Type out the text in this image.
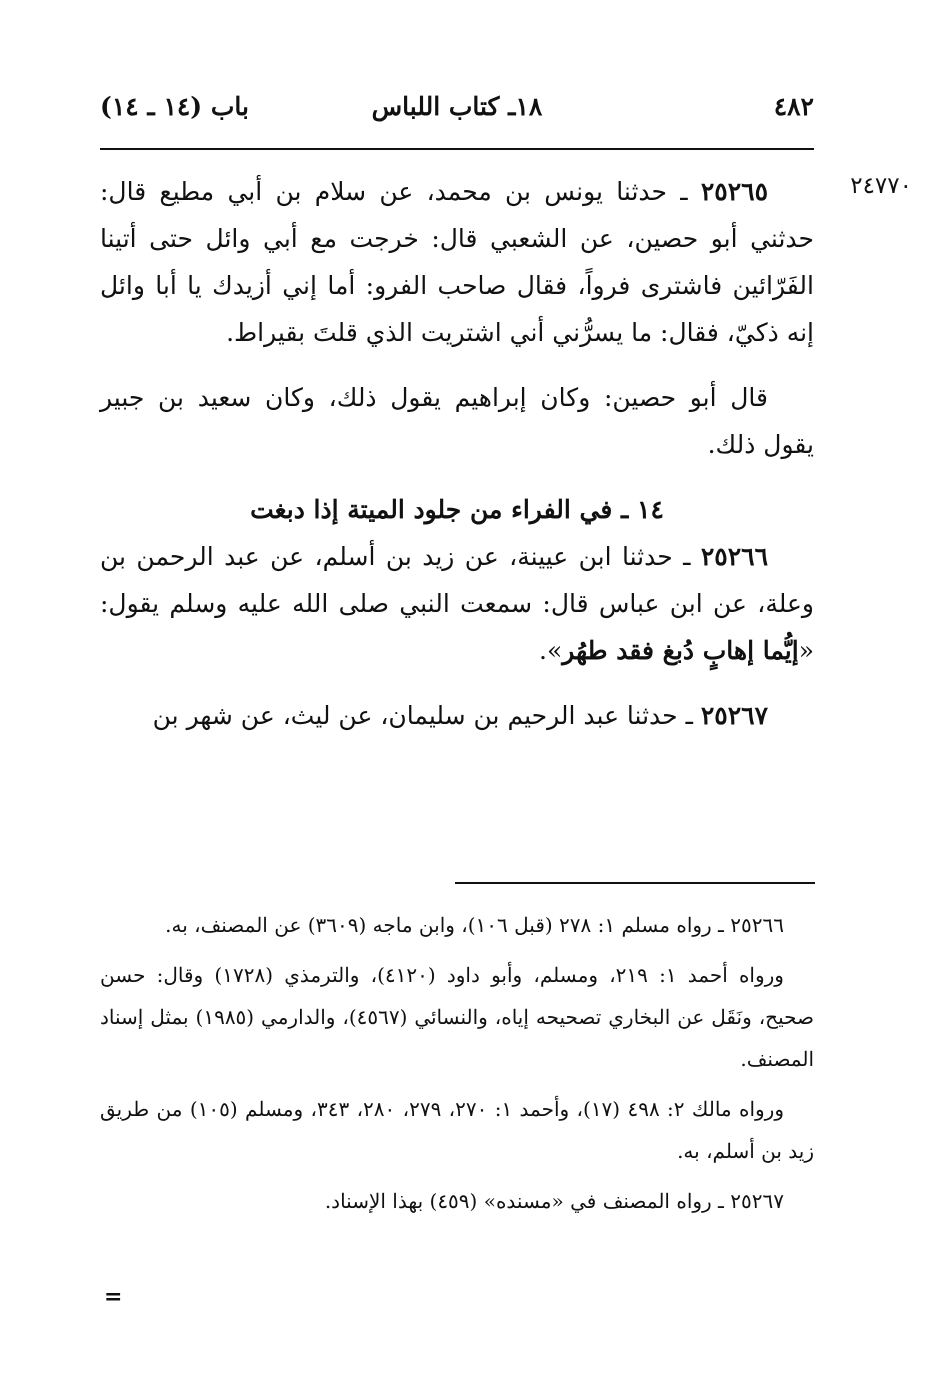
٤٨٢
١٨ـ كتاب اللباس
باب (١٤ ـ ١٤)
٢٤٧٧٠

٢٥٢٦٥ ـ حدثنا يونس بن محمد، عن سلام بن أبي مطيع قال: حدثني أبو حصين، عن الشعبي قال: خرجت مع أبي وائل حتى أتينا الفَرّائين فاشترى فرواً، فقال صاحب الفرو: أما إني أزيدك يا أبا وائل إنه ذكيّ، فقال: ما يسرُّني أني اشتريت الذي قلتَ بقيراط.

قال أبو حصين: وكان إبراهيم يقول ذلك، وكان سعيد بن جبير يقول ذلك.

١٤ ـ في الفراء من جلود الميتة إذا دبغت

٢٥٢٦٦ ـ حدثنا ابن عيينة، عن زيد بن أسلم، عن عبد الرحمن بن وعلة، عن ابن عباس قال: سمعت النبي صلى الله عليه وسلم يقول: «إيُّما إهابٍ دُبغ فقد طهُر».

٢٥٢٦٧ ـ حدثنا عبد الرحيم بن سليمان، عن ليث، عن شهر بن

٢٥٢٦٦ ـ رواه مسلم ١: ٢٧٨ (قبل ١٠٦)، وابن ماجه (٣٦٠٩) عن المصنف، به.

ورواه أحمد ١: ٢١٩، ومسلم، وأبو داود (٤١٢٠)، والترمذي (١٧٢٨) وقال: حسن صحيح، ونَقَل عن البخاري تصحيحه إياه، والنسائي (٤٥٦٧)، والدارمي (١٩٨٥) بمثل إسناد المصنف.

ورواه مالك ٢: ٤٩٨ (١٧)، وأحمد ١: ٢٧٠، ٢٧٩، ٢٨٠، ٣٤٣، ومسلم (١٠٥) من طريق زيد بن أسلم، به.

٢٥٢٦٧ ـ رواه المصنف في «مسنده» (٤٥٩) بهذا الإسناد.

=
